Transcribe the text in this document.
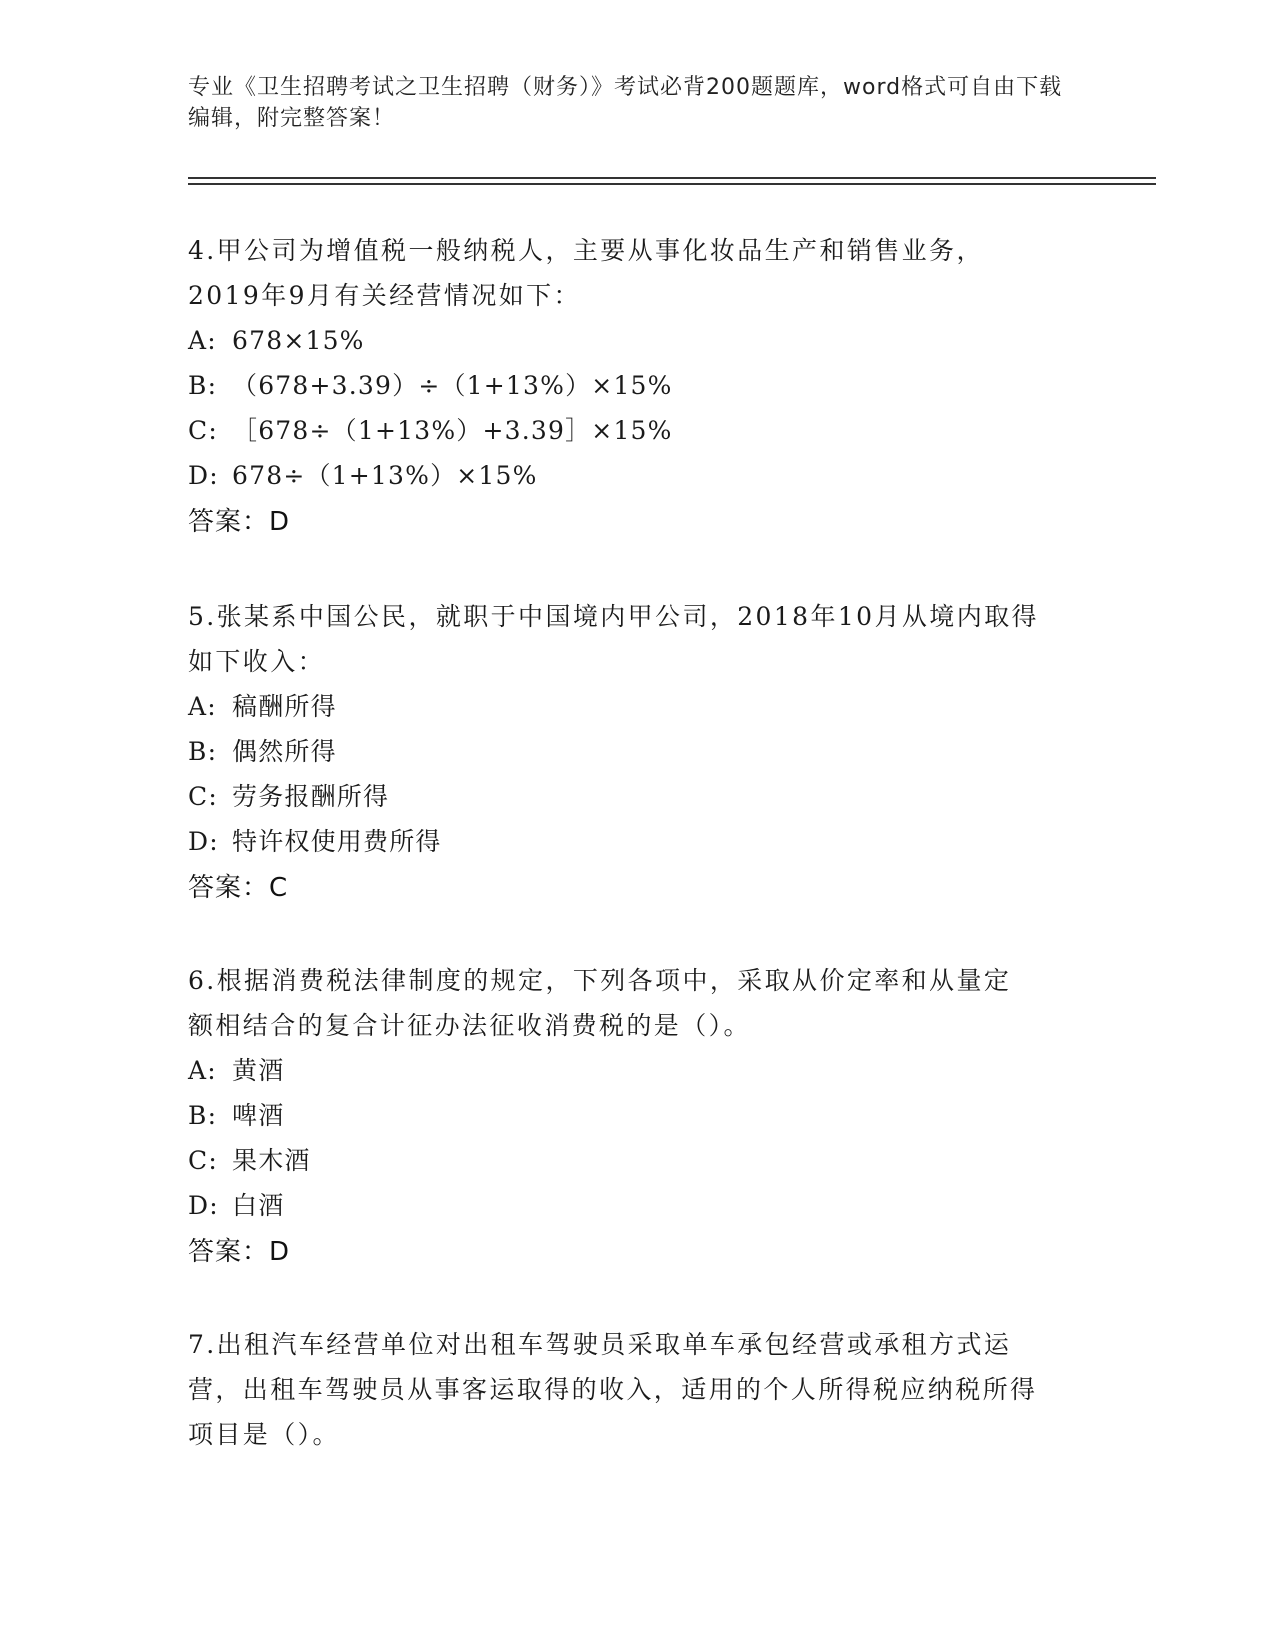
专业《卫生招聘考试之卫生招聘（财务）》考试必背200题题库，word格式可自由下载编辑，附完整答案！

4.甲公司为增值税一般纳税人，主要从事化妆品生产和销售业务，2019年9月有关经营情况如下：

A: 678×15%

B: （678+3.39）÷（1+13%）×15%

C: ［678÷（1+13%）+3.39］×15%

D: 678÷（1+13%）×15%

答案：D

5.张某系中国公民，就职于中国境内甲公司，2018年10月从境内取得如下收入：

A: 稿酬所得

B: 偶然所得

C: 劳务报酬所得

D: 特许权使用费所得

答案：C

6.根据消费税法律制度的规定，下列各项中，采取从价定率和从量定额相结合的复合计征办法征收消费税的是（）。

A: 黄酒

B: 啤酒

C: 果木酒

D: 白酒

答案：D

7.出租汽车经营单位对出租车驾驶员采取单车承包经营或承租方式运营，出租车驾驶员从事客运取得的收入，适用的个人所得税应纳税所得项目是（）。
